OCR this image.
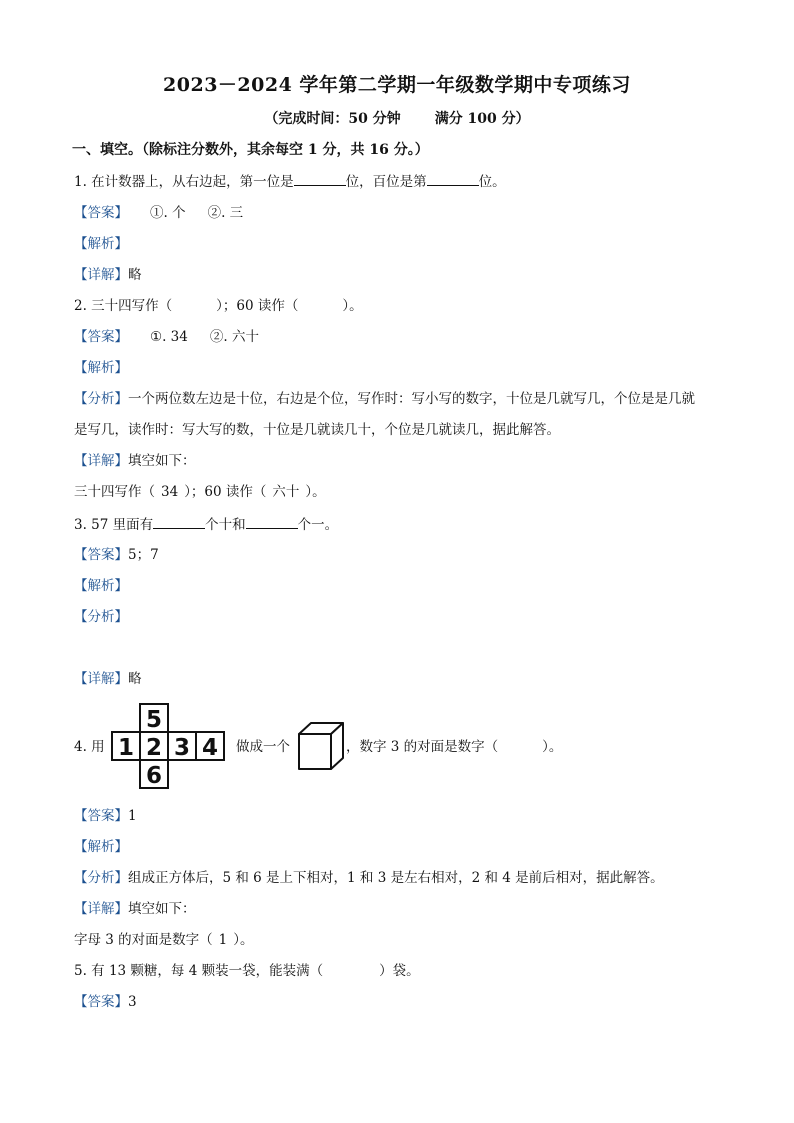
2023－2024 学年第二学期一年级数学期中专项练习
（完成时间：50 分钟 满分 100 分）
一、填空。（除标注分数外，其余每空 1 分，共 16 分。）
1. 在计数器上，从右边起，第一位是	位，百位是第	位。
【答案】 ①. 个 ②. 三
【解析】
【详解】略
2. 三十四写作（	）；60 读作（	）。
【答案】 ①. 34 ②. 六十
【解析】
【分析】一个两位数左边是十位，右边是个位，写作时：写小写的数字，十位是几就写几，个位是是几就
是写几，读作时：写大写的数，十位是几就读几十，个位是几就读几，据此解答。
【详解】填空如下：
三十四写作（ 34 ）；60 读作（ 六十 ）。
3. 57 里面有	个十和	个一。
【答案】5；7
【解析】
【分析】
【详解】略
4. 用
5
1 2 3 4
6
做成一个	，数字 3 的对面是数字（	）。
【答案】1
【解析】
【分析】组成正方体后，5 和 6 是上下相对，1 和 3 是左右相对，2 和 4 是前后相对，据此解答。
【详解】填空如下：
字母 3 的对面是数字（ 1 ）。
5. 有 13 颗糖，每 4 颗装一袋，能装满（	）袋。
【答案】3
